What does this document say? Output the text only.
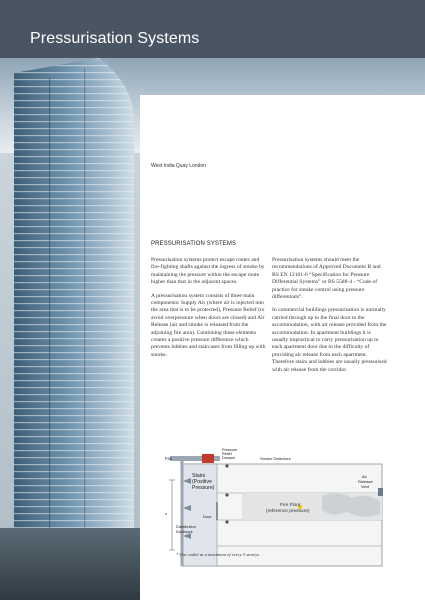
Pressurisation Systems
West India Quay London
PRESSURISATION SYSTEMS

Pressurisation systems protect escape routes and fire-fighting shafts against the ingress of smoke by maintaining the pressure within the escape route higher than that in the adjacent spaces.

A pressurisation system consists of three main components: Supply Air (where air is injected into the area that is to be protected), Pressure Relief (to avoid overpressure when doors are closed) and Air Release (air and smoke is released from the adjoining fire area). Combining these elements creates a positive pressure difference which prevents lobbies and staircases from filling up with smoke.

Pressurisation systems should meet the recommendations of Approved Document B and BS EN 12101-6 “Specification for Pressure Differential Systems” or BS 5588-4 - “Code of practice for smoke control using pressure differentials”.

In commercial buildings pressurisation is normally carried through up to the final door to the accommodation, with air release provided from the accommodation. In apartment buildings it is usually impractical to carry pressurisation up to each apartment door due to the difficulty of providing air release from each apartment. Therefore stairs and lobbies are usually pressurised with air release from the corridor.

Fan
Pressure
Relief
Damper	Smoke Detectors
Stairs
(Positive
Pressure)
Air
Release
Vent
Fire Floor
(reference pressure)
Door
Distribution
Ductwork
*
* One outlet at a maximum of every 3 storeys
